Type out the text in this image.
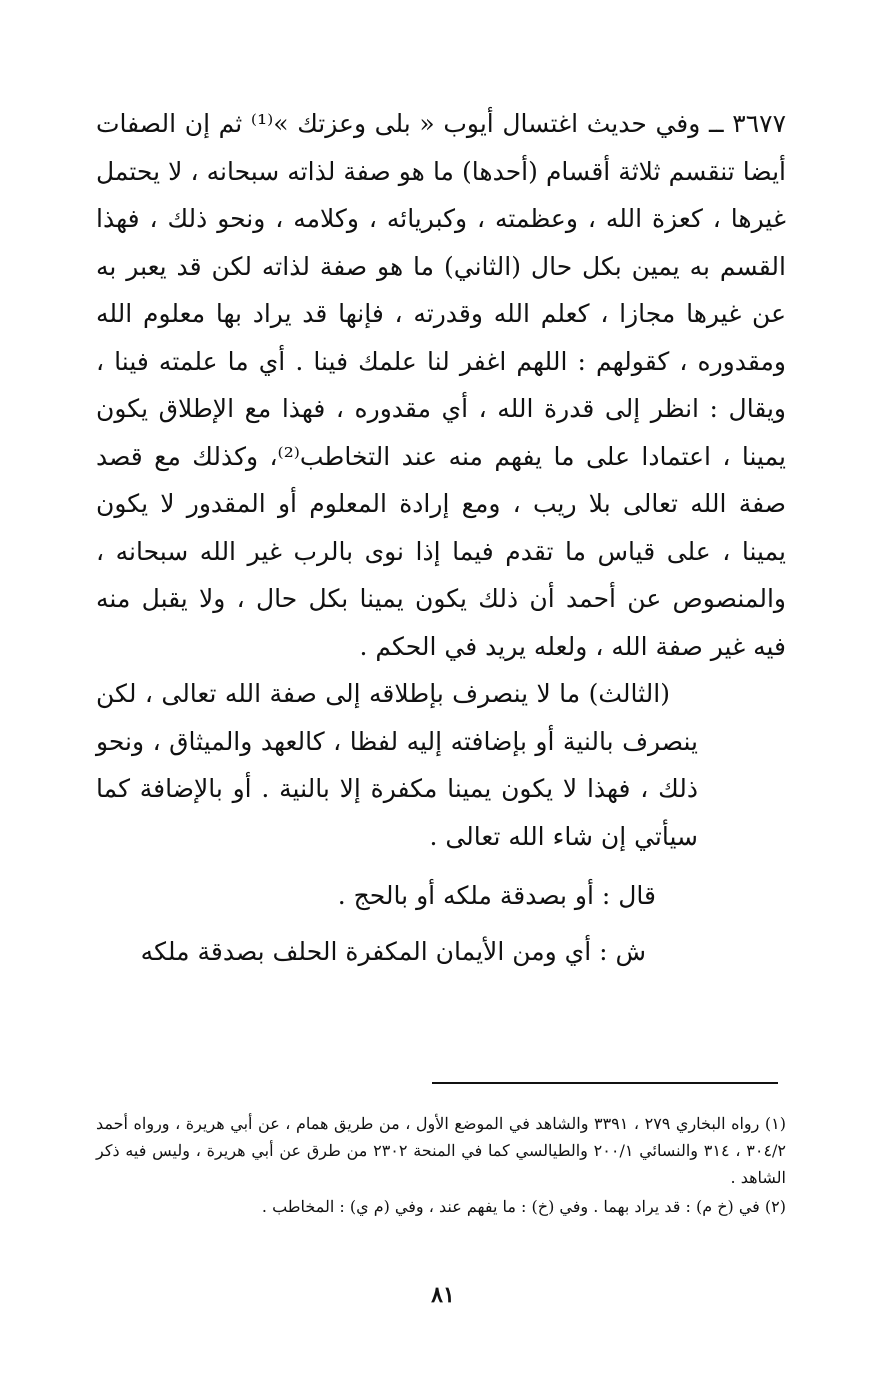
٣٦٧٧ ــ وفي حديث اغتسال أيوب « بلى وعزتك »⁽¹⁾ ثم إن الصفات أيضا تنقسم ثلاثة أقسام (أحدها) ما هو صفة لذاته سبحانه ، لا يحتمل غيرها ، كعزة الله ، وعظمته ، وكبريائه ، وكلامه ، ونحو ذلك ، فهذا القسم به يمين بكل حال (الثاني) ما هو صفة لذاته لكن قد يعبر به عن غيرها مجازا ، كعلم الله وقدرته ، فإنها قد يراد بها معلوم الله ومقدوره ، كقولهم : اللهم اغفر لنا علمك فينا . أي ما علمته فينا ، ويقال : انظر إلى قدرة الله ، أي مقدوره ، فهذا مع الإطلاق يكون يمينا ، اعتمادا على ما يفهم منه عند التخاطب⁽²⁾، وكذلك مع قصد صفة الله تعالى بلا ريب ، ومع إرادة المعلوم أو المقدور لا يكون يمينا ، على قياس ما تقدم فيما إذا نوى بالرب غير الله سبحانه ، والمنصوص عن أحمد أن ذلك يكون يمينا بكل حال ، ولا يقبل منه فيه غير صفة الله ، ولعله يريد في الحكم .

(الثالث) ما لا ينصرف بإطلاقه إلى صفة الله تعالى ، لكن ينصرف بالنية أو بإضافته إليه لفظا ، كالعهد والميثاق ، ونحو ذلك ، فهذا لا يكون يمينا مكفرة إلا بالنية . أو بالإضافة كما سيأتي إن شاء الله تعالى .

قال : أو بصدقة ملكه أو بالحج .
ش : أي ومن الأيمان المكفرة الحلف بصدقة ملكه

(١) رواه البخاري ٢٧٩ ، ٣٣٩١ والشاهد في الموضع الأول ، من طريق همام ، عن أبي هريرة ، ورواه أحمد ٣٠٤/٢ ، ٣١٤ والنسائي ٢٠٠/١ والطيالسي كما في المنحة ٢٣٠٢ من طرق عن أبي هريرة ، وليس فيه ذكر الشاهد .

(٢) في (خ م) : قد يراد بهما . وفي (خ) : ما يفهم عند ، وفي (م ي) : المخاطب .

٨١
